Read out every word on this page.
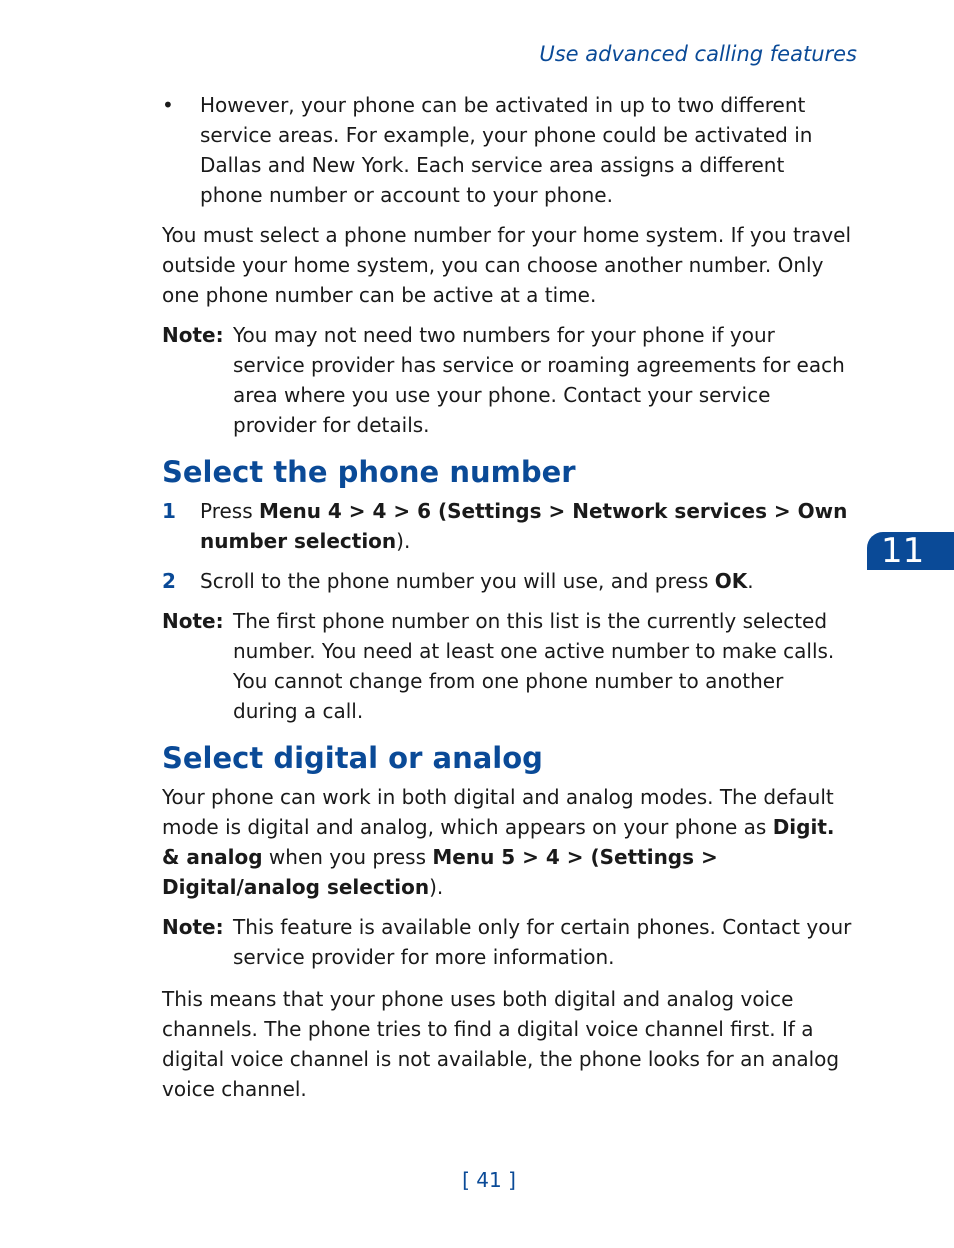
Use advanced calling features
11
•	However, your phone can be activated in up to two different service areas. For example, your phone could be activated in Dallas and New York. Each service area assigns a different phone number or account to your phone.

You must select a phone number for your home system. If you travel outside your home system, you can choose another number. Only one phone number can be active at a time.

Note: You may not need two numbers for your phone if your service provider has service or roaming agreements for each area where you use your phone. Contact your service provider for details.
Select the phone number
1	Press Menu 4 > 4 > 6 (Settings > Network services > Own number selection).
2	Scroll to the phone number you will use, and press OK.
Note: The first phone number on this list is the currently selected number. You need at least one active number to make calls. You cannot change from one phone number to another during a call.
Select digital or analog

Your phone can work in both digital and analog modes. The default mode is digital and analog, which appears on your phone as Digit. & analog when you press Menu 5 > 4 > (Settings > Digital/analog selection).

Note: This feature is available only for certain phones. Contact your service provider for more information.

This means that your phone uses both digital and analog voice channels. The phone tries to find a digital voice channel first. If a digital voice channel is not available, the phone looks for an analog voice channel.

[ 41 ]
